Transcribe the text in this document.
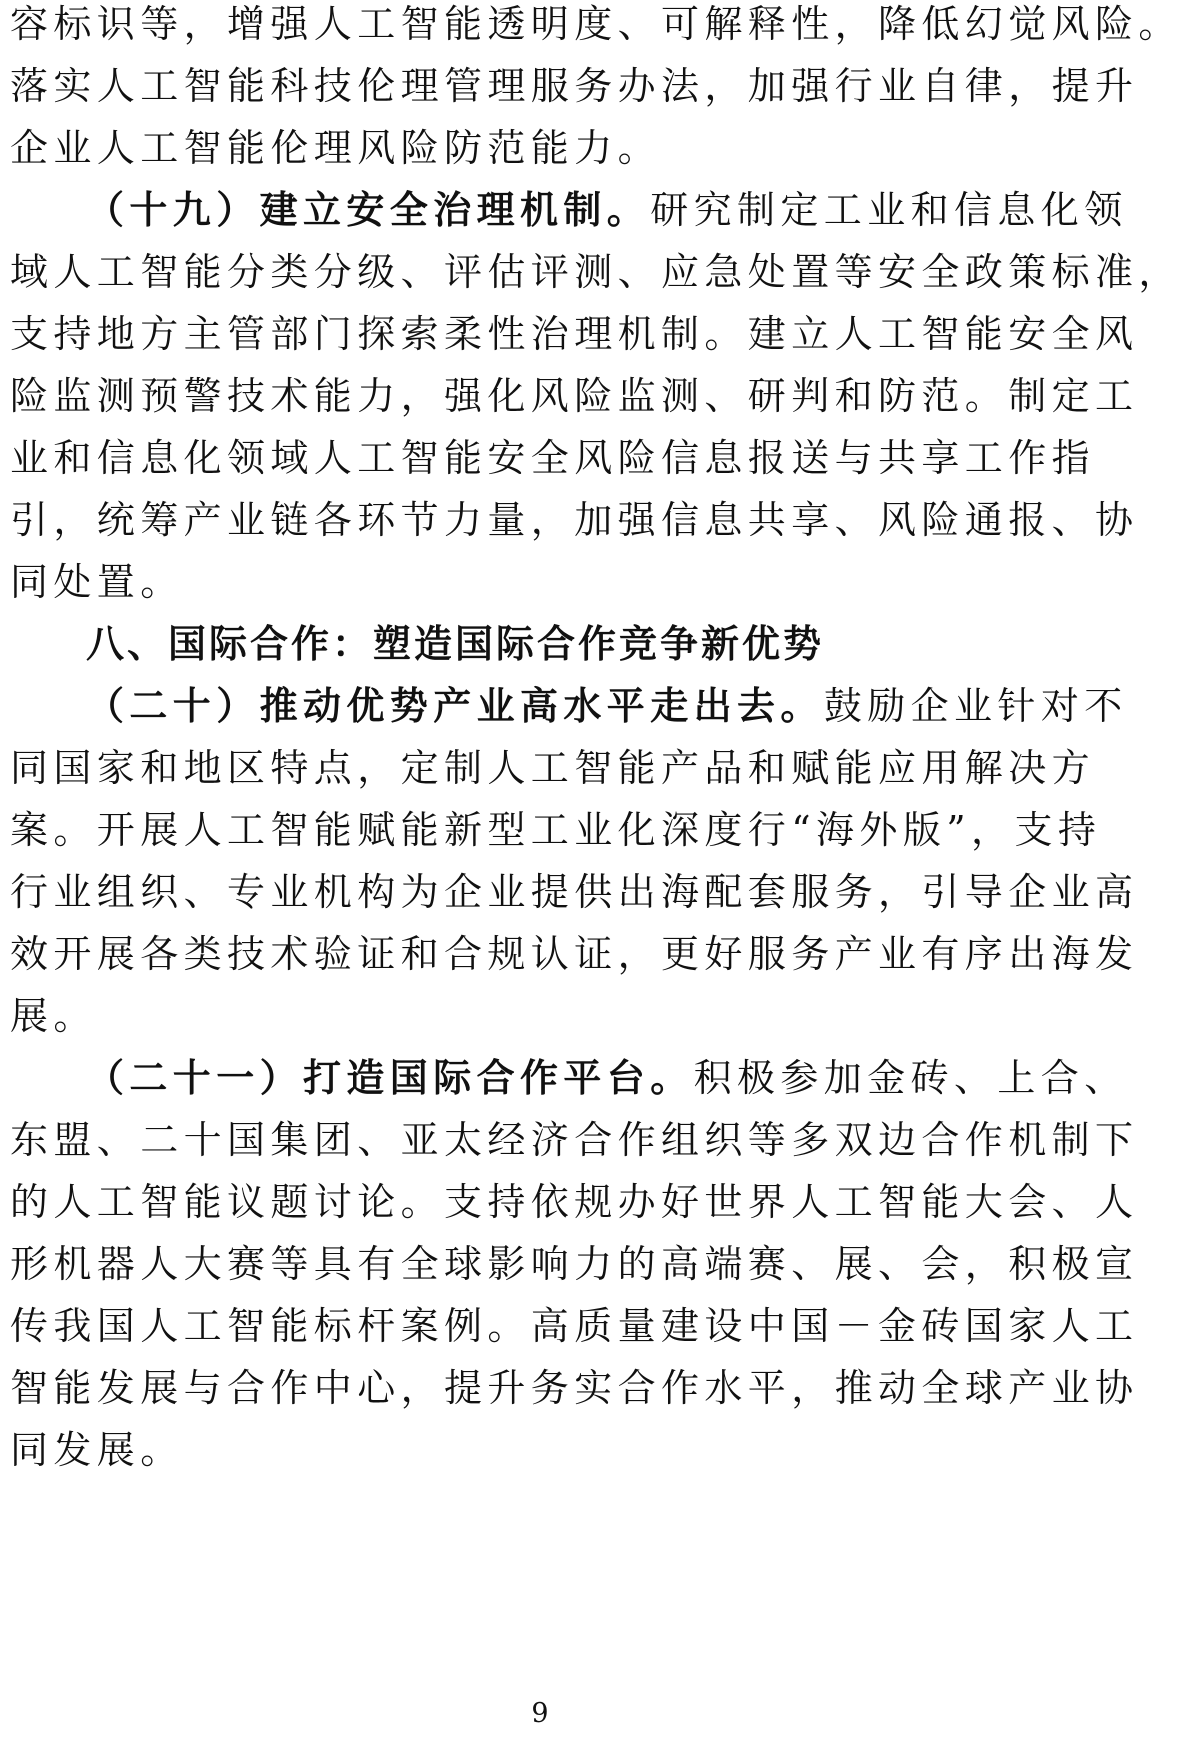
容标识等，增强人工智能透明度、可解释性，降低幻觉风险。
落实人工智能科技伦理管理服务办法，加强行业自律，提升
企业人工智能伦理风险防范能力。
（十九）建立安全治理机制。研究制定工业和信息化领
域人工智能分类分级、评估评测、应急处置等安全政策标准，
支持地方主管部门探索柔性治理机制。建立人工智能安全风
险监测预警技术能力，强化风险监测、研判和防范。制定工
业和信息化领域人工智能安全风险信息报送与共享工作指
引，统筹产业链各环节力量，加强信息共享、风险通报、协
同处置。
八、国际合作：塑造国际合作竞争新优势
（二十）推动优势产业高水平走出去。鼓励企业针对不
同国家和地区特点，定制人工智能产品和赋能应用解决方
案。开展人工智能赋能新型工业化深度行“海外版”，支持
行业组织、专业机构为企业提供出海配套服务，引导企业高
效开展各类技术验证和合规认证，更好服务产业有序出海发
展。
（二十一）打造国际合作平台。积极参加金砖、上合、
东盟、二十国集团、亚太经济合作组织等多双边合作机制下
的人工智能议题讨论。支持依规办好世界人工智能大会、人
形机器人大赛等具有全球影响力的高端赛、展、会，积极宣
传我国人工智能标杆案例。高质量建设中国－金砖国家人工
智能发展与合作中心，提升务实合作水平，推动全球产业协
同发展。
9
